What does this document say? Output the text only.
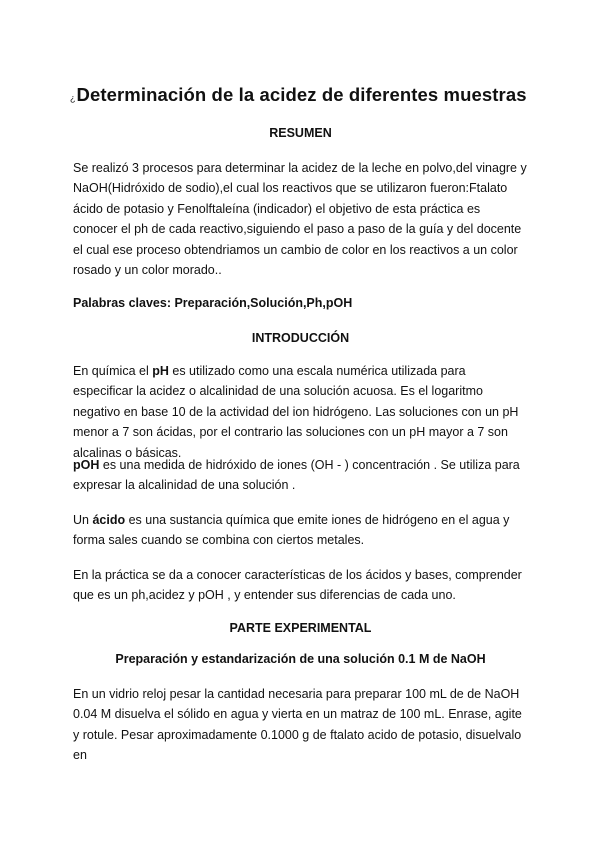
¿Determinación de la acidez de diferentes muestras
RESUMEN
Se realizó 3 procesos para determinar la acidez de la leche en polvo,del vinagre y NaOH(Hidróxido de sodio),el cual los reactivos que se utilizaron fueron:Ftalato ácido de potasio y Fenolftaleína (indicador) el objetivo de esta práctica es conocer el ph de cada reactivo,siguiendo el paso a paso de la guía y del docente el cual ese proceso obtendriamos un cambio de color en los reactivos a un color rosado y un color morado..
Palabras claves: Preparación,Solución,Ph,pOH
INTRODUCCIÓN
En química el pH es utilizado como una escala numérica utilizada para especificar la acidez o alcalinidad de una solución acuosa. Es el logaritmo negativo en base 10 de la actividad del ion hidrógeno. Las soluciones con un pH menor a 7 son ácidas, por el contrario las soluciones con un pH mayor a 7 son alcalinas o básicas.
pOH es una medida de hidróxido de iones (OH - ) concentración . Se utiliza para expresar la alcalinidad de una solución .
Un ácido es una sustancia química que emite iones de hidrógeno en el agua y forma sales cuando se combina con ciertos metales.
En la práctica se da a conocer características de los ácidos y bases, comprender que es un ph,acidez y pOH , y entender sus diferencias de cada uno.
PARTE EXPERIMENTAL
Preparación y estandarización de una solución 0.1 M de NaOH
En un vidrio reloj pesar la cantidad necesaria para preparar 100 mL de de NaOH 0.04 M disuelva el sólido en agua y vierta en un matraz de 100 mL. Enrase, agite y rotule. Pesar aproximadamente 0.1000 g de ftalato acido de potasio, disuelvalo en
